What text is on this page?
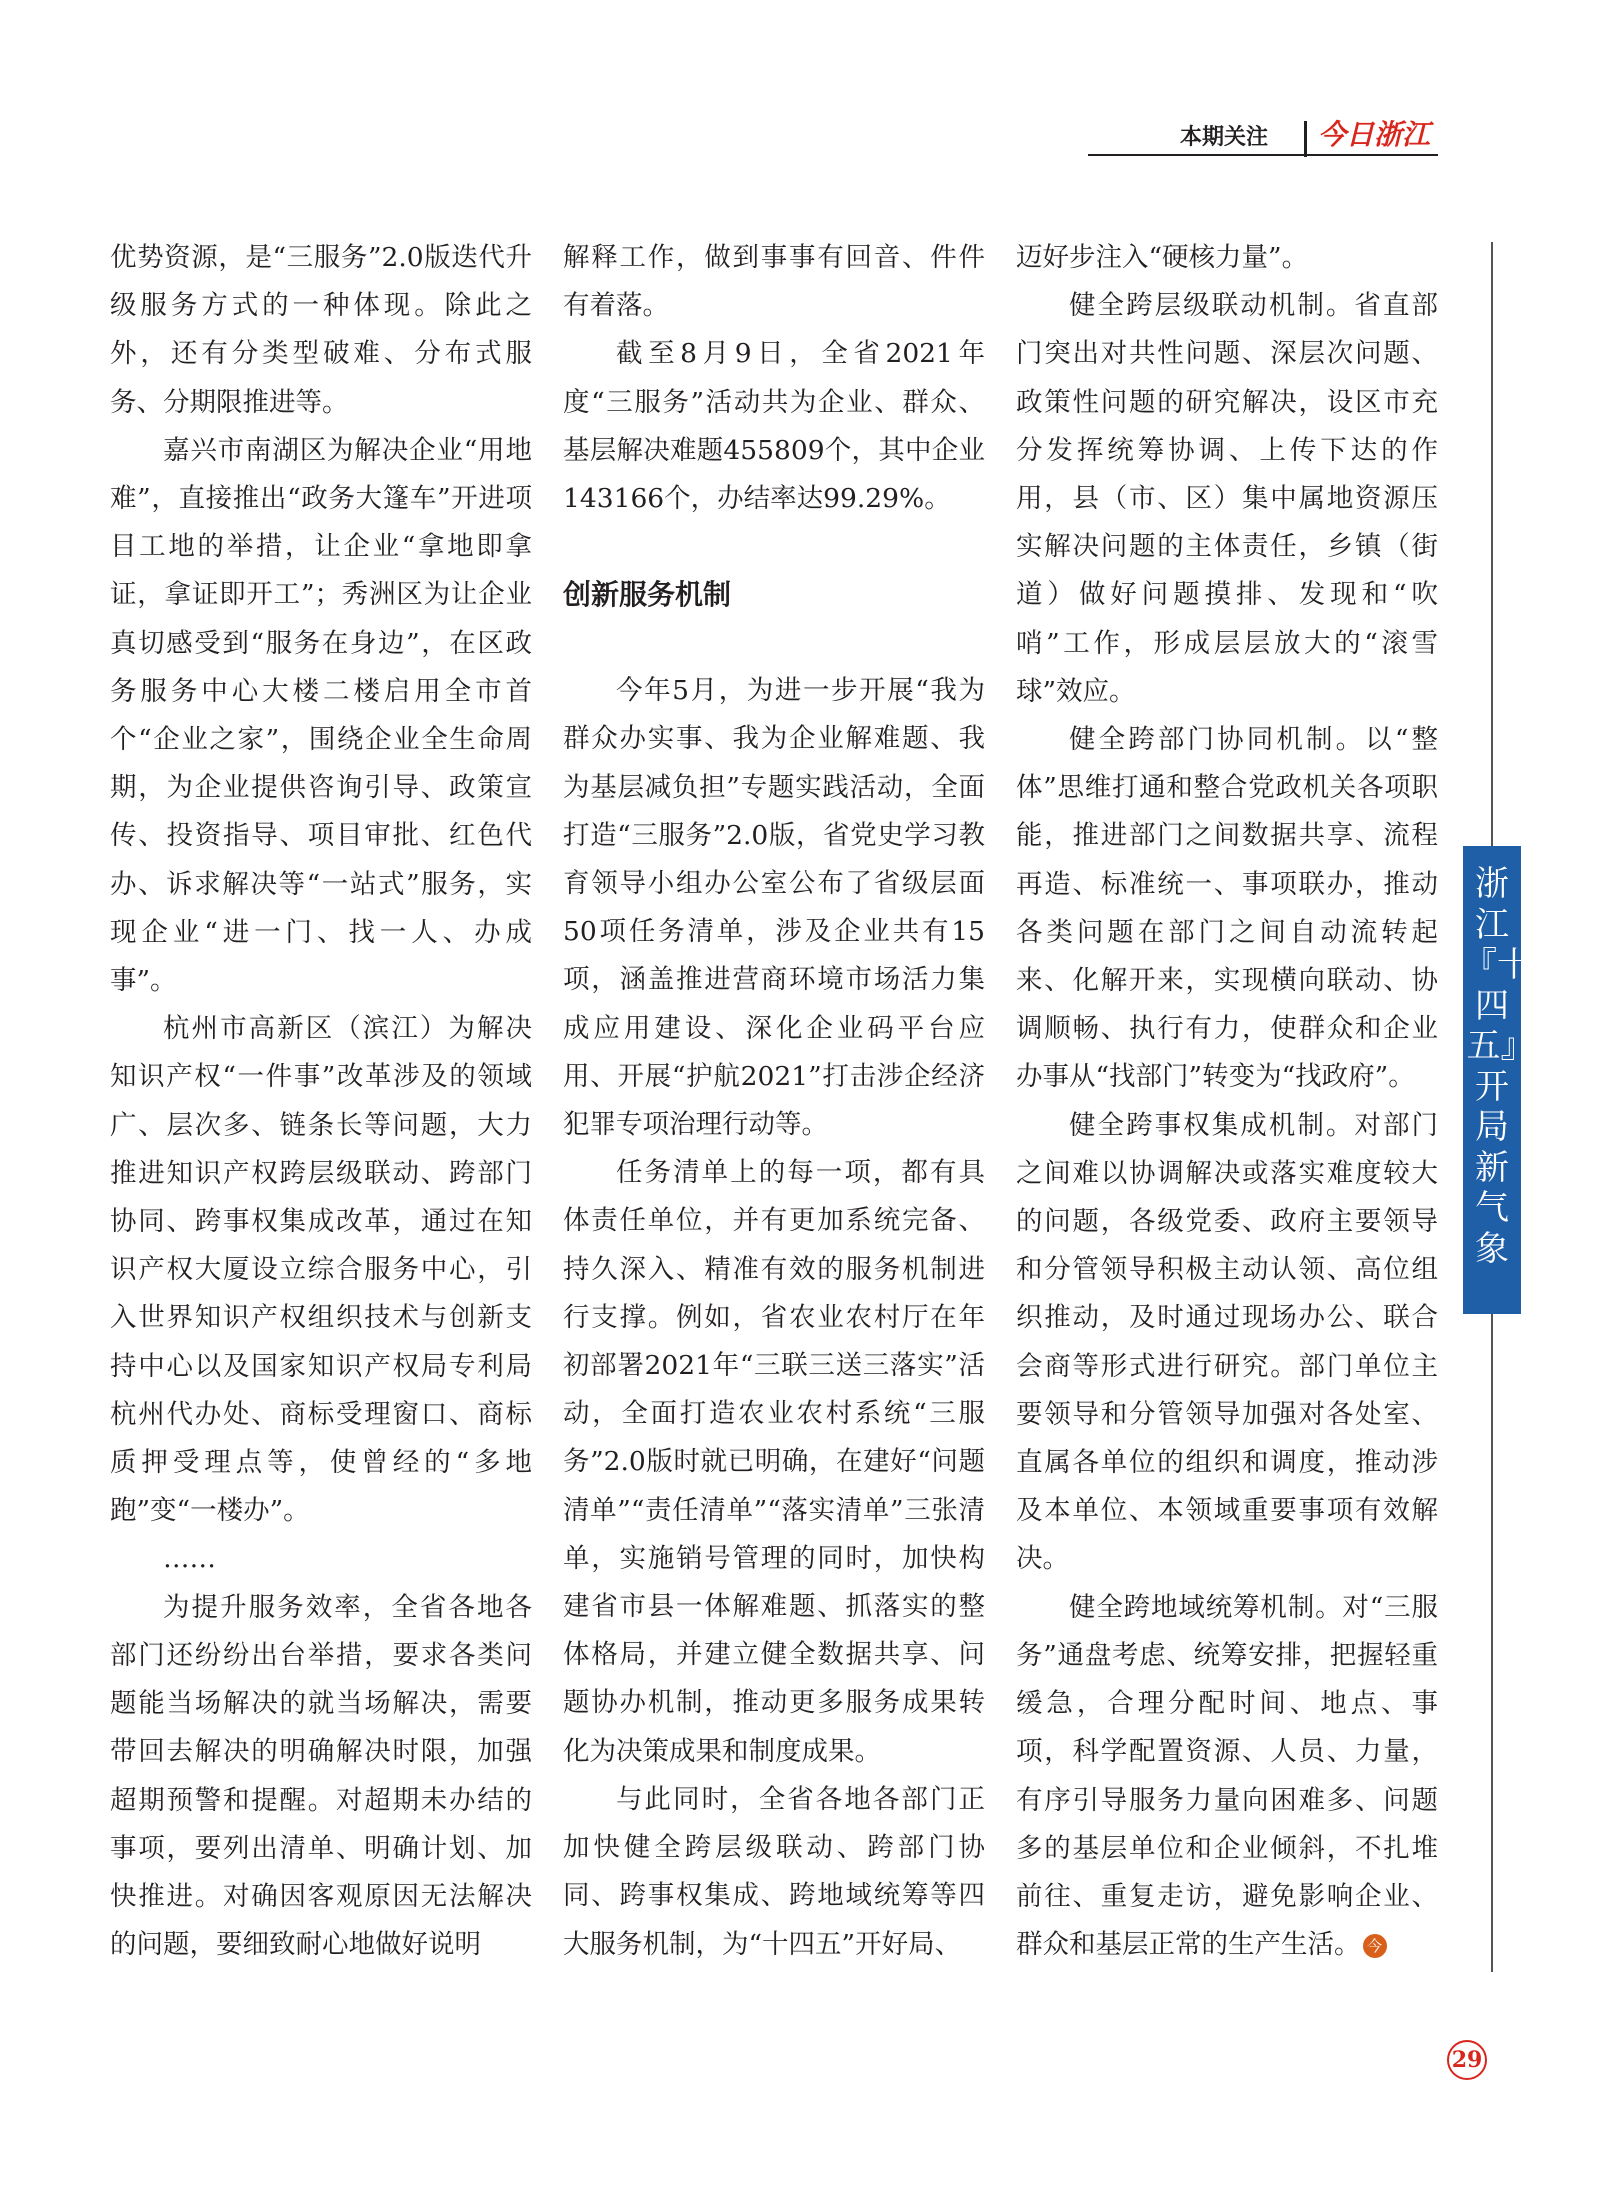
本期关注	今日浙江

优势资源，是“三服务”2.0版迭代升级服务方式的一种体现。除此之外，还有分类型破难、分布式服务、分期限推进等。

嘉兴市南湖区为解决企业“用地难”，直接推出“政务大篷车”开进项目工地的举措，让企业“拿地即拿证，拿证即开工”；秀洲区为让企业真切感受到“服务在身边”，在区政务服务中心大楼二楼启用全市首个“企业之家”，围绕企业全生命周期，为企业提供咨询引导、政策宣传、投资指导、项目审批、红色代办、诉求解决等“一站式”服务，实现企业“进一门、找一人、办成事”。

杭州市高新区（滨江）为解决知识产权“一件事”改革涉及的领域广、层次多、链条长等问题，大力推进知识产权跨层级联动、跨部门协同、跨事权集成改革，通过在知识产权大厦设立综合服务中心，引入世界知识产权组织技术与创新支持中心以及国家知识产权局专利局杭州代办处、商标受理窗口、商标质押受理点等，使曾经的“多地跑”变“一楼办”。

……

为提升服务效率，全省各地各部门还纷纷出台举措，要求各类问题能当场解决的就当场解决，需要带回去解决的明确解决时限，加强超期预警和提醒。对超期未办结的事项，要列出清单、明确计划、加快推进。对确因客观原因无法解决的问题，要细致耐心地做好说明

解释工作，做到事事有回音、件件有着落。

截至8月9日，全省2021年度“三服务”活动共为企业、群众、基层解决难题455809个，其中企业143166个，办结率达99.29%。

创新服务机制

今年5月，为进一步开展“我为群众办实事、我为企业解难题、我为基层减负担”专题实践活动，全面打造“三服务”2.0版，省党史学习教育领导小组办公室公布了省级层面50项任务清单，涉及企业共有15项，涵盖推进营商环境市场活力集成应用建设、深化企业码平台应用、开展“护航2021”打击涉企经济犯罪专项治理行动等。

任务清单上的每一项，都有具体责任单位，并有更加系统完备、持久深入、精准有效的服务机制进行支撑。例如，省农业农村厅在年初部署2021年“三联三送三落实”活动，全面打造农业农村系统“三服务”2.0版时就已明确，在建好“问题清单”“责任清单”“落实清单”三张清单，实施销号管理的同时，加快构建省市县一体解难题、抓落实的整体格局，并建立健全数据共享、问题协办机制，推动更多服务成果转化为决策成果和制度成果。

与此同时，全省各地各部门正加快健全跨层级联动、跨部门协同、跨事权集成、跨地域统筹等四大服务机制，为“十四五”开好局、

迈好步注入“硬核力量”。

健全跨层级联动机制。省直部门突出对共性问题、深层次问题、政策性问题的研究解决，设区市充分发挥统筹协调、上传下达的作用，县（市、区）集中属地资源压实解决问题的主体责任，乡镇（街道）做好问题摸排、发现和“吹哨”工作，形成层层放大的“滚雪球”效应。

健全跨部门协同机制。以“整体”思维打通和整合党政机关各项职能，推进部门之间数据共享、流程再造、标准统一、事项联办，推动各类问题在部门之间自动流转起来、化解开来，实现横向联动、协调顺畅、执行有力，使群众和企业办事从“找部门”转变为“找政府”。

健全跨事权集成机制。对部门之间难以协调解决或落实难度较大的问题，各级党委、政府主要领导和分管领导积极主动认领、高位组织推动，及时通过现场办公、联合会商等形式进行研究。部门单位主要领导和分管领导加强对各处室、直属各单位的组织和调度，推动涉及本单位、本领域重要事项有效解决。

健全跨地域统筹机制。对“三服务”通盘考虑、统筹安排，把握轻重缓急，合理分配时间、地点、事项，科学配置资源、人员、力量，有序引导服务力量向困难多、问题多的基层单位和企业倾斜，不扎堆前往、重复走访，避免影响企业、群众和基层正常的生产生活。 今

浙江『十四五』开局新气象
29
